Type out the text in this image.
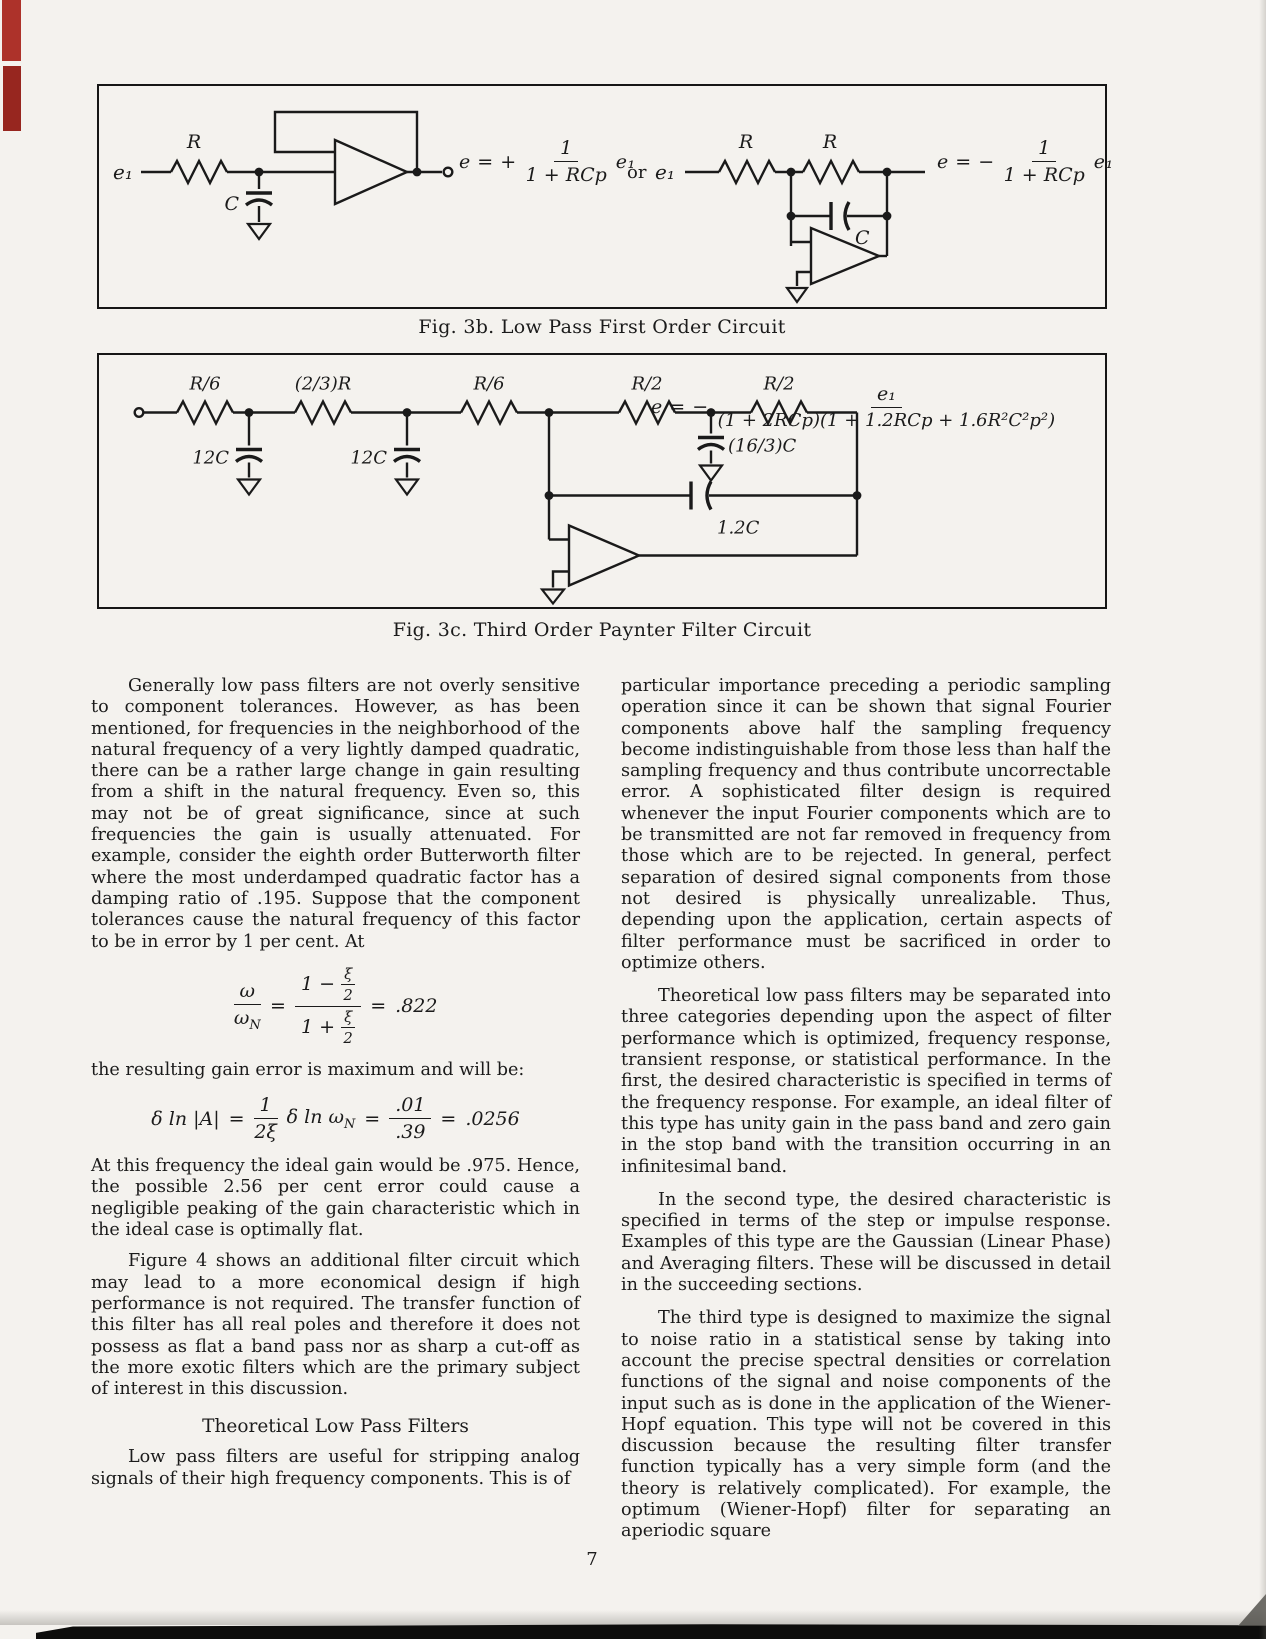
e₁
R
C
e₁
R	R
C
e = + $\frac{1}{\text{1 + RCp}} e_1$
or	e = − $\frac{1}{\text{1 + RCp}} e_1$
Fig. 3b. Low Pass First Order Circuit
R/6	(2/3)R	R/6	R/2	R/2
12C	12C
(16/3)C
1.2C
e = − $\frac{\text{e₁}}{\text{(1 + 2RCp)(1 + 1.2RCp + 1.6R²C²p²)}}$
Fig. 3c. Third Order Paynter Filter Circuit

Generally low pass filters are not overly sensitive to component tolerances. However, as has been mentioned, for frequencies in the neighborhood of the natural frequency of a very lightly damped quadratic, there can be a rather large change in gain resulting from a shift in the natural frequency. Even so, this may not be of great significance, since at such frequencies the gain is usually attenuated. For example, consider the eighth order Butterworth filter where the most underdamped quadratic factor has a damping ratio of .195. Suppose that the component tolerances cause the natural frequency of this factor to be in error by 1 per cent. At

$\frac{\omega}{\omega_N} = \frac{1 - \frac{\xi}{2}}{1 + \frac{\xi}{2}} = .822$

the resulting gain error is maximum and will be:

δ $\ln |A| = \frac{1}{2\xi}$ δ $\ln \omega_N = \frac{.01}{.39} = .0256$

At this frequency the ideal gain would be .975. Hence, the possible 2.56 per cent error could cause a negligible peaking of the gain characteristic which in the ideal case is optimally flat.

Figure 4 shows an additional filter circuit which may lead to a more economical design if high performance is not required. The transfer function of this filter has all real poles and therefore it does not possess as flat a band pass nor as sharp a cut-off as the more exotic filters which are the primary subject of interest in this discussion.

Theoretical Low Pass Filters

Low pass filters are useful for stripping analog signals of their high frequency components. This is of

particular importance preceding a periodic sampling operation since it can be shown that signal Fourier components above half the sampling frequency become indistinguishable from those less than half the sampling frequency and thus contribute uncorrectable error. A sophisticated filter design is required whenever the input Fourier components which are to be transmitted are not far removed in frequency from those which are to be rejected. In general, perfect separation of desired signal components from those not desired is physically unrealizable. Thus, depending upon the application, certain aspects of filter performance must be sacrificed in order to optimize others.

Theoretical low pass filters may be separated into three categories depending upon the aspect of filter performance which is optimized, frequency response, transient response, or statistical performance. In the first, the desired characteristic is specified in terms of the frequency response. For example, an ideal filter of this type has unity gain in the pass band and zero gain in the stop band with the transition occurring in an infinitesimal band.

In the second type, the desired characteristic is specified in terms of the step or impulse response. Examples of this type are the Gaussian (Linear Phase) and Averaging filters. These will be discussed in detail in the succeeding sections.

The third type is designed to maximize the signal to noise ratio in a statistical sense by taking into account the precise spectral densities or correlation functions of the signal and noise components of the input such as is done in the application of the Wiener-Hopf equation. This type will not be covered in this discussion because the resulting filter transfer function typically has a very simple form (and the theory is relatively complicated). For example, the optimum (Wiener-Hopf) filter for separating an aperiodic square

7
